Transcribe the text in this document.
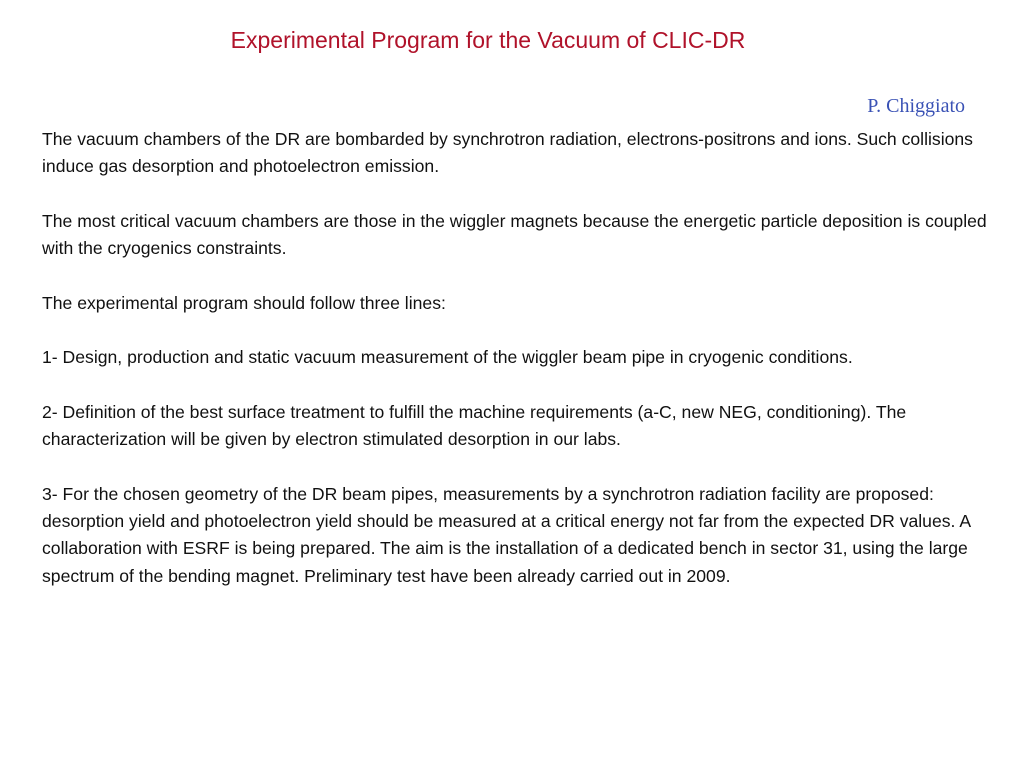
Experimental Program for the Vacuum of CLIC-DR
P. Chiggiato

The vacuum chambers of the DR are bombarded by synchrotron radiation, electrons-positrons and ions. Such collisions induce gas desorption and photoelectron emission.

The most critical vacuum chambers are those in the wiggler magnets because the energetic particle deposition is coupled with the cryogenics constraints.

The experimental program should follow three lines:

1- Design, production and static vacuum measurement of the wiggler beam pipe in cryogenic conditions.

2- Definition of the best surface treatment to fulfill the machine requirements (a-C, new NEG, conditioning). The characterization will be given by electron stimulated desorption in our labs.

3- For the chosen geometry of the DR beam pipes, measurements by a synchrotron radiation facility are proposed: desorption yield and photoelectron yield should be measured at a critical energy not far from the expected DR values. A collaboration with ESRF is being prepared. The aim is the installation of a dedicated bench in sector 31, using the large spectrum of the bending magnet. Preliminary test have been already carried out in 2009.
